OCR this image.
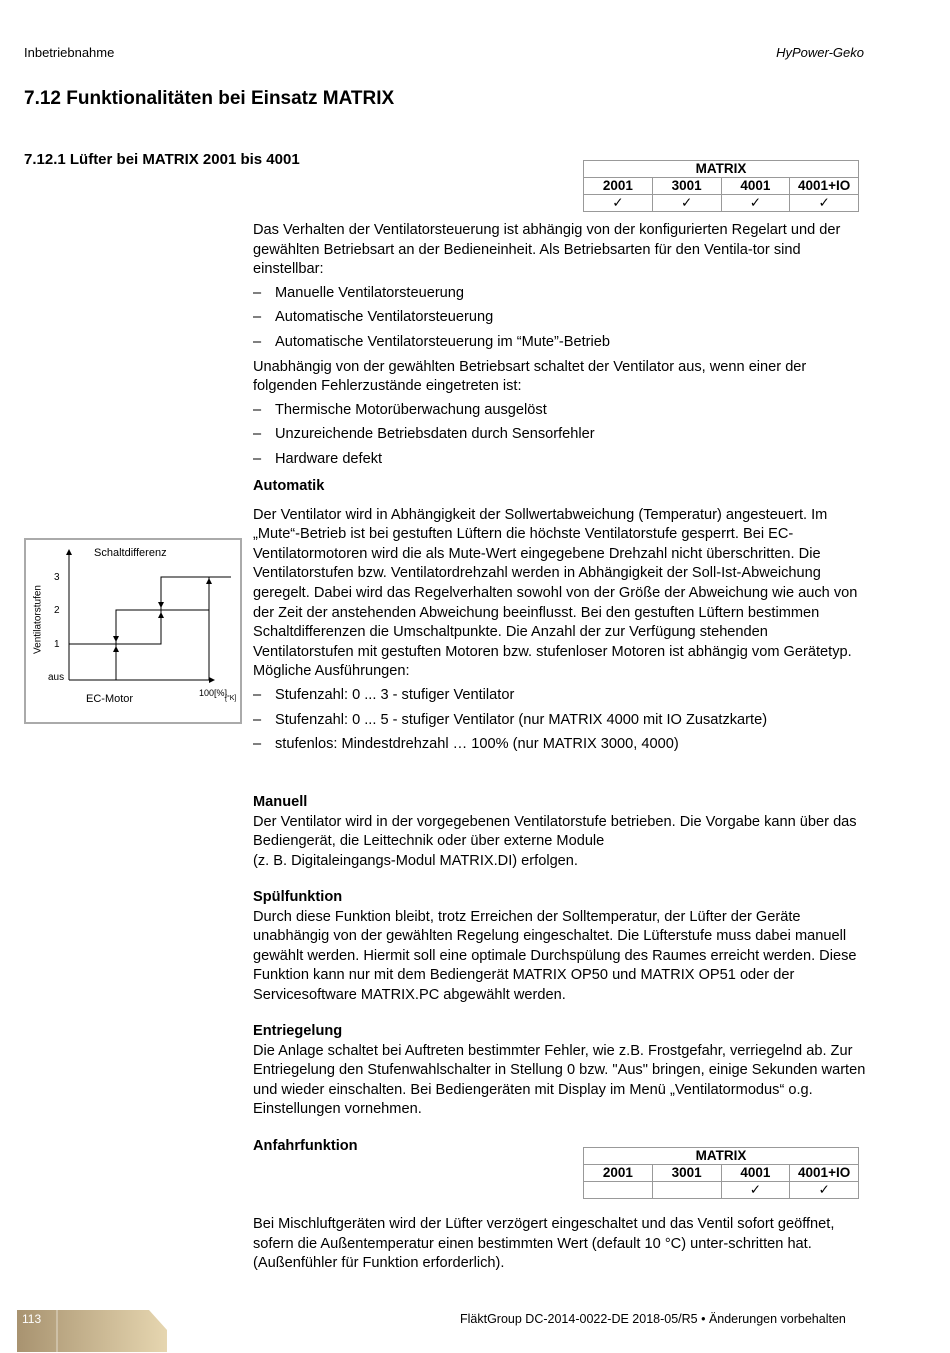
Inbetriebnahme	HyPower-Geko
7.12 Funktionalitäten bei Einsatz MATRIX
7.12.1 Lüfter bei MATRIX 2001 bis 4001
MATRIX			
2001	3001	4001	4001+IO
✓	✓	✓	✓

Das Verhalten der Ventilatorsteuerung ist abhängig von der konfigurierten Regelart und der gewählten Betriebsart an der Bedieneinheit. Als Betriebsarten für den Ventila-tor sind einstellbar:

– Manuelle Ventilatorsteuerung
– Automatische Ventilatorsteuerung
– Automatische Ventilatorsteuerung im “Mute”-Betrieb

Unabhängig von der gewählten Betriebsart schaltet der Ventilator aus, wenn einer der folgenden Fehlerzustände eingetreten ist:

– Thermische Motorüberwachung ausgelöst
– Unzureichende Betriebsdaten durch Sensorfehler
– Hardware defekt

Automatik

Der Ventilator wird in Abhängigkeit der Sollwertabweichung (Temperatur) angesteuert. Im „Mute“-Betrieb ist bei gestuften Lüftern die höchste Ventilatorstufe gesperrt. Bei EC-Ventilatormotoren wird die als Mute-Wert eingegebene Drehzahl nicht überschritten. Die Ventilatorstufen bzw. Ventilatordrehzahl werden in Abhängigkeit der Soll-Ist-Abweichung geregelt. Dabei wird das Regelverhalten sowohl von der Größe der Abweichung wie auch von der Zeit der anstehenden Abweichung beeinflusst. Bei den gestuften Lüftern bestimmen Schaltdifferenzen die Umschaltpunkte. Die Anzahl der zur Verfügung stehenden Ventilatorstufen mit gestuften Motoren bzw. stufenloser Motoren ist abhängig vom Gerätetyp.

Mögliche Ausführungen:

– Stufenzahl: 0 ... 3 - stufiger Ventilator
– Stufenzahl: 0 ... 5 - stufiger Ventilator (nur MATRIX 4000 mit IO Zusatzkarte)
– stufenlos: Mindestdrehzahl … 100% (nur MATRIX 3000, 4000)
Schaltdifferenz
Ventilatorstufen
3
2
1
aus
EC-Motor	100[%]
[°K]

Manuell

Der Ventilator wird in der vorgegebenen Ventilatorstufe betrieben. Die Vorgabe kann über das Bediengerät, die Leittechnik oder über externe Module

(z. B. Digitaleingangs-Modul MATRIX.DI) erfolgen.

Spülfunktion

Durch diese Funktion bleibt, trotz Erreichen der Solltemperatur, der Lüfter der Geräte unabhängig von der gewählten Regelung eingeschaltet. Die Lüfterstufe muss dabei manuell gewählt werden. Hiermit soll eine optimale Durchspülung des Raumes erreicht werden. Diese Funktion kann nur mit dem Bediengerät MATRIX OP50 und MATRIX OP51 oder der Servicesoftware MATRIX.PC abgewählt werden.

Entriegelung

Die Anlage schaltet bei Auftreten bestimmter Fehler, wie z.B. Frostgefahr, verriegelnd ab. Zur Entriegelung den Stufenwahlschalter in Stellung 0 bzw. "Aus" bringen, einige Sekunden warten und wieder einschalten. Bei Bediengeräten mit Display im Menü „Ventilatormodus“ o.g. Einstellungen vornehmen.

Anfahrfunktion

MATRIX			
2001	3001	4001	4001+IO
		✓	✓

Bei Mischluftgeräten wird der Lüfter verzögert eingeschaltet und das Ventil sofort geöffnet, sofern die Außentemperatur einen bestimmten Wert (default 10 °C) unter-schritten hat. (Außenfühler für Funktion erforderlich).

113	FläktGroup DC-2014-0022-DE 2018-05/R5 • Änderungen vorbehalten
